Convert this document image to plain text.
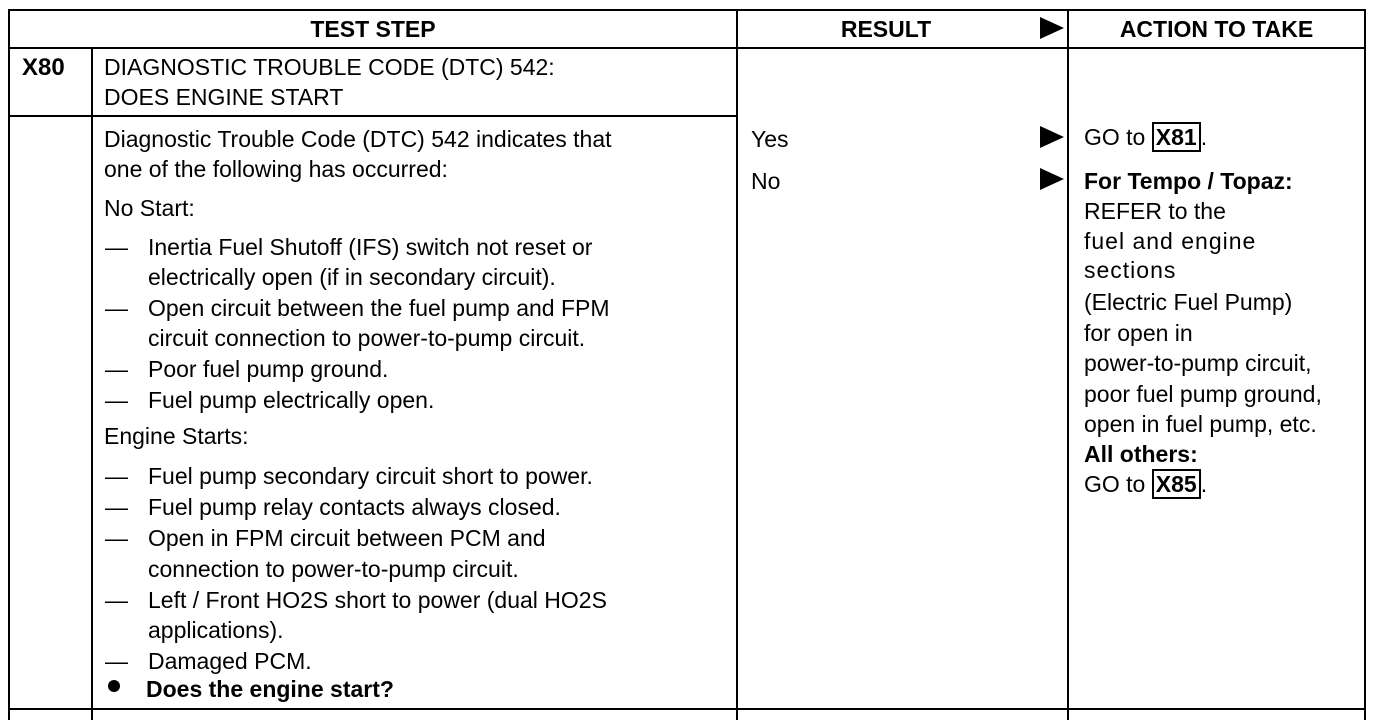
TEST STEP	RESULT	ACTION TO TAKE
X80 DIAGNOSTIC TROUBLE CODE (DTC) 542:
DOES ENGINE START
Diagnostic Trouble Code (DTC) 542 indicates that
one of the following has occurred:
No Start:
— Inertia Fuel Shutoff (IFS) switch not reset or
electrically open (if in secondary circuit).
— Open circuit between the fuel pump and FPM
circuit connection to power-to-pump circuit.
— Poor fuel pump ground.
— Fuel pump electrically open.
Engine Starts:
— Fuel pump secondary circuit short to power.
— Fuel pump relay contacts always closed.
— Open in FPM circuit between PCM and
connection to power-to-pump circuit.
— Left / Front HO2S short to power (dual HO2S
applications).
— Damaged PCM.
Does the engine start?
Yes
No
GO to X81 .
For Tempo / Topaz:
REFER to the
fuel and engine
sections
(Electric Fuel Pump)
for open in
power-to-pump circuit,
poor fuel pump ground,
open in fuel pump, etc.
All others:
GO to X85 .
